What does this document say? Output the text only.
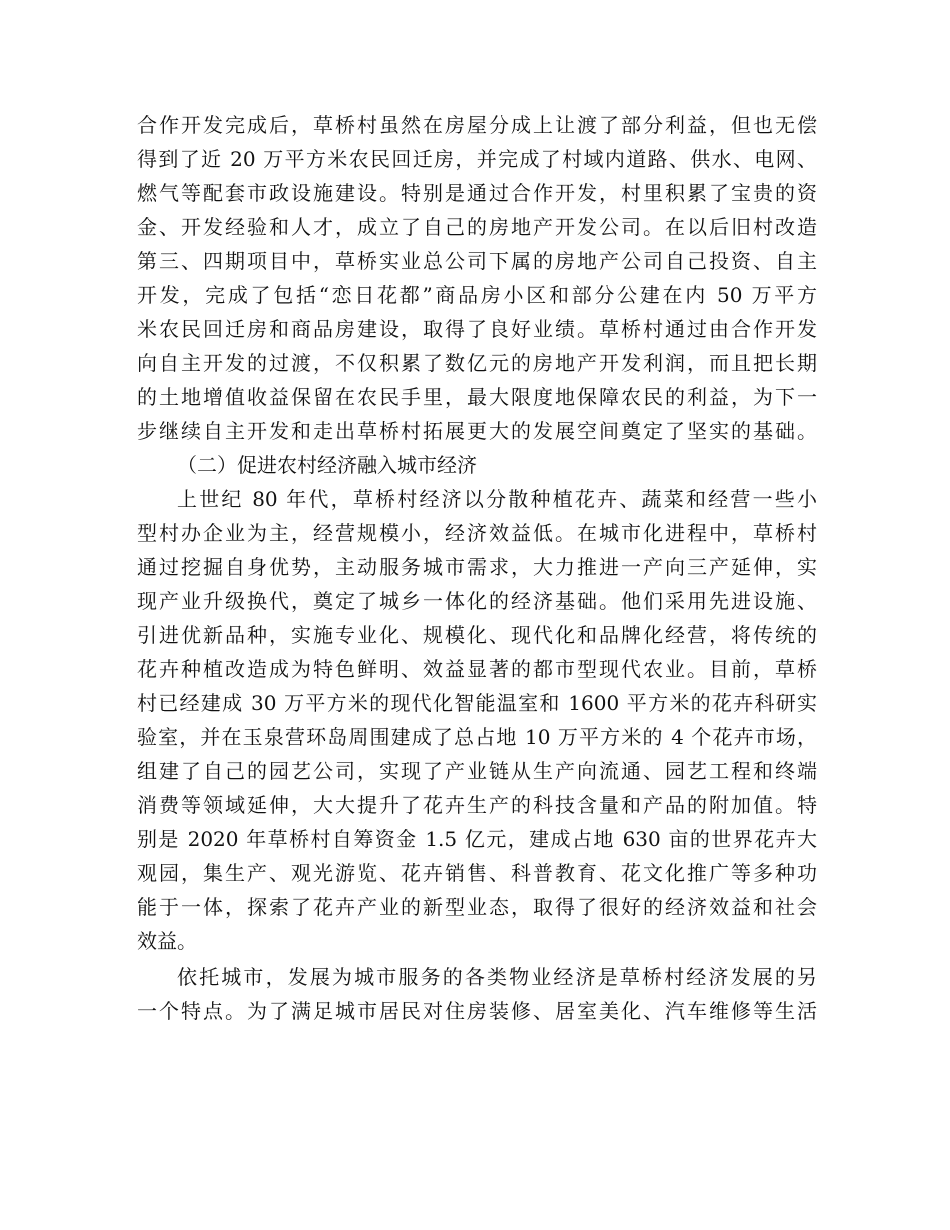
合作开发完成后，草桥村虽然在房屋分成上让渡了部分利益，但也无偿
得到了近 20 万平方米农民回迁房，并完成了村域内道路、供水、电网、
燃气等配套市政设施建设。特别是通过合作开发，村里积累了宝贵的资
金、开发经验和人才，成立了自己的房地产开发公司。在以后旧村改造
第三、四期项目中，草桥实业总公司下属的房地产公司自己投资、自主
开发，完成了包括“恋日花都”商品房小区和部分公建在内 50 万平方
米农民回迁房和商品房建设，取得了良好业绩。草桥村通过由合作开发
向自主开发的过渡，不仅积累了数亿元的房地产开发利润，而且把长期
的土地增值收益保留在农民手里，最大限度地保障农民的利益，为下一
步继续自主开发和走出草桥村拓展更大的发展空间奠定了坚实的基础。
（二）促进农村经济融入城市经济
上世纪 80 年代，草桥村经济以分散种植花卉、蔬菜和经营一些小
型村办企业为主，经营规模小，经济效益低。在城市化进程中，草桥村
通过挖掘自身优势，主动服务城市需求，大力推进一产向三产延伸，实
现产业升级换代，奠定了城乡一体化的经济基础。他们采用先进设施、
引进优新品种，实施专业化、规模化、现代化和品牌化经营，将传统的
花卉种植改造成为特色鲜明、效益显著的都市型现代农业。目前，草桥
村已经建成 30 万平方米的现代化智能温室和 1600 平方米的花卉科研实
验室，并在玉泉营环岛周围建成了总占地 10 万平方米的 4 个花卉市场，
组建了自己的园艺公司，实现了产业链从生产向流通、园艺工程和终端
消费等领域延伸，大大提升了花卉生产的科技含量和产品的附加值。特
别是 2020 年草桥村自筹资金 1.5 亿元，建成占地 630 亩的世界花卉大
观园，集生产、观光游览、花卉销售、科普教育、花文化推广等多种功
能于一体，探索了花卉产业的新型业态，取得了很好的经济效益和社会
效益。
依托城市，发展为城市服务的各类物业经济是草桥村经济发展的另
一个特点。为了满足城市居民对住房装修、居室美化、汽车维修等生活
